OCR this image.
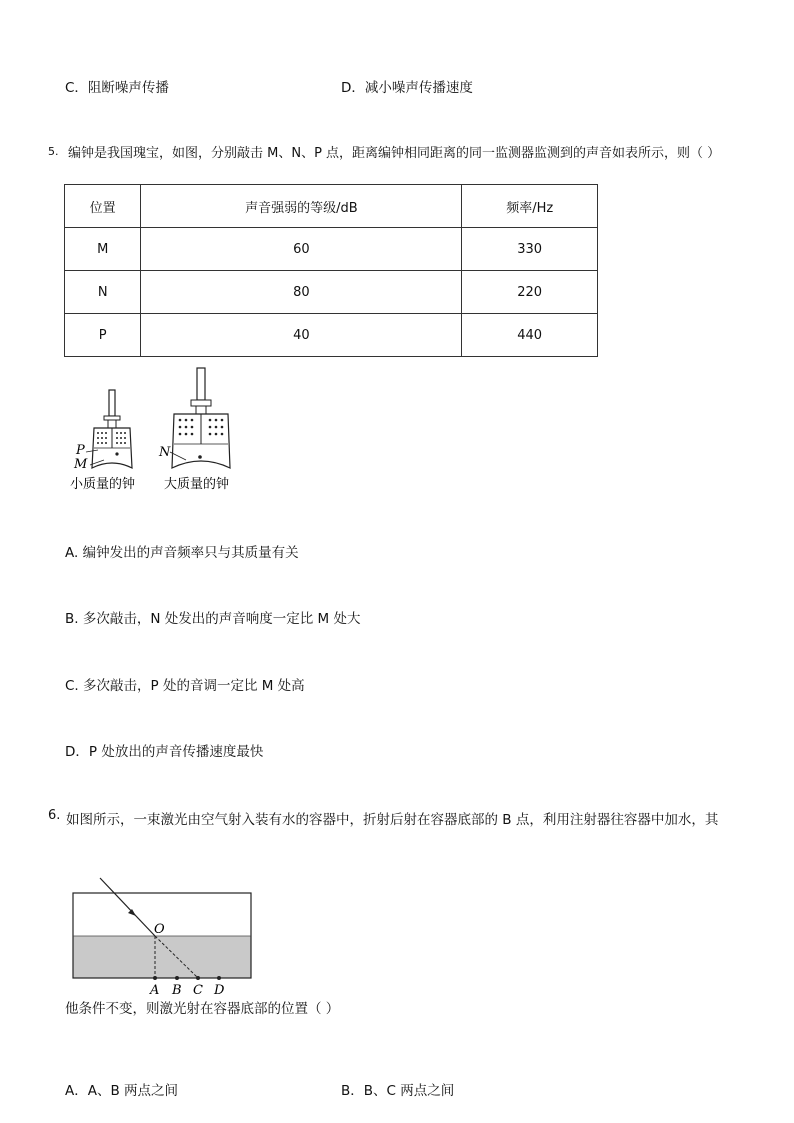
C．阻断噪声传播	D．减小噪声传播速度
5. 编钟是我国瑰宝，如图，分别敲击 M、N、P 点，距离编钟相同距离的同一监测器监测到的声音如表所示，则（ ）
位置	声音强弱的等级/dB	频率/Hz
M	60	330
N	80	220
P	40	440
P
M
N
小质量的钟 大质量的钟
A. 编钟发出的声音频率只与其质量有关
B. 多次敲击，N 处发出的声音响度一定比 M 处大
C. 多次敲击，P 处的音调一定比 M 处高
D．P 处放出的声音传播速度最快
6. 如图所示，一束激光由空气射入装有水的容器中，折射后射在容器底部的 B 点，利用注射器往容器中加水，其
O
A B C D
他条件不变，则激光射在容器底部的位置（ ）
A．A、B 两点之间	B．B、C 两点之间
